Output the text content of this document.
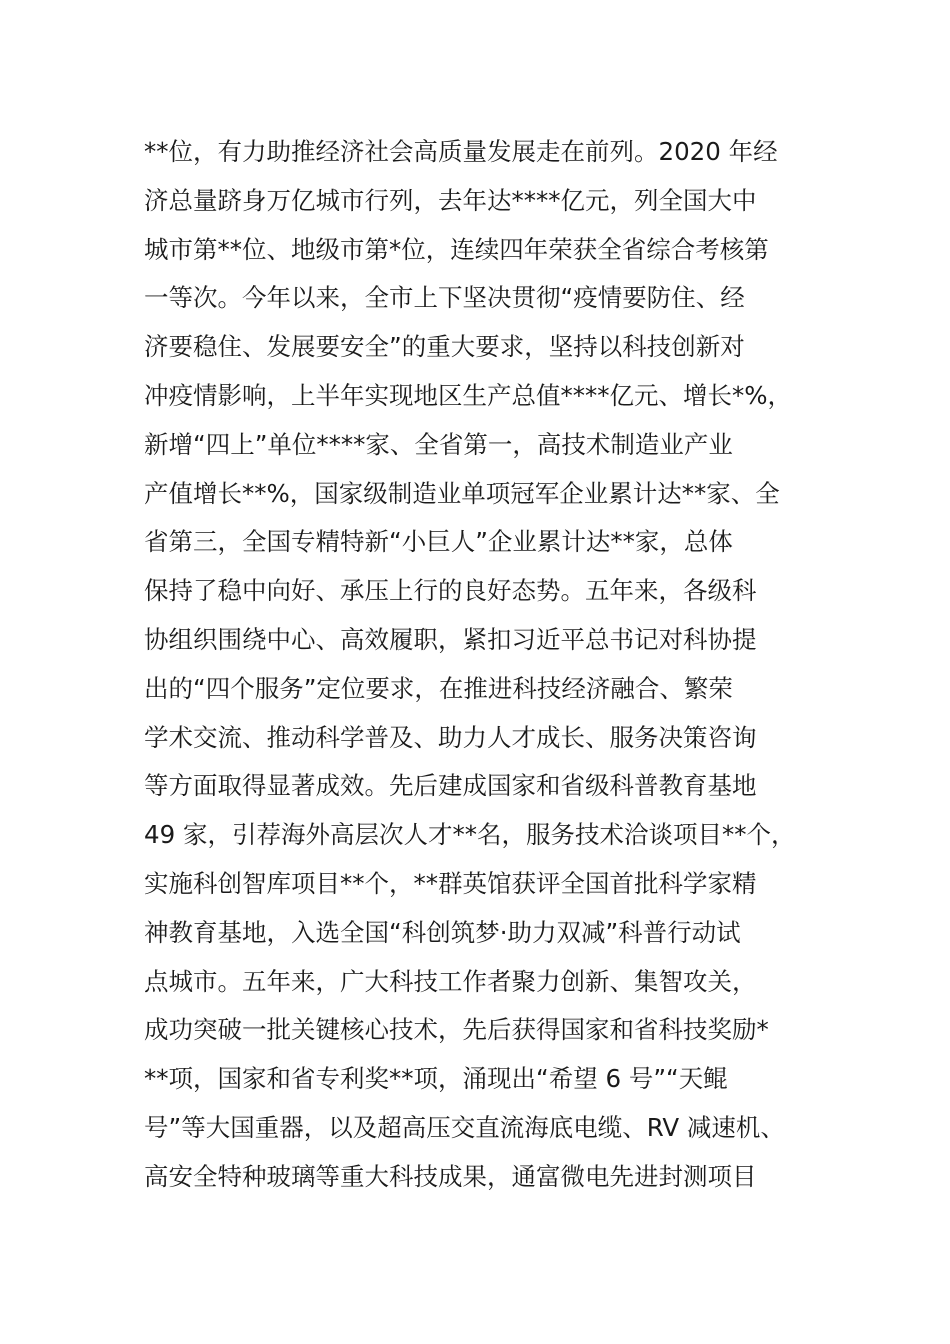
**位，有力助推经济社会高质量发展走在前列。2020 年经
济总量跻身万亿城市行列，去年达****亿元，列全国大中
城市第**位、地级市第*位，连续四年荣获全省综合考核第
一等次。今年以来，全市上下坚决贯彻“疫情要防住、经
济要稳住、发展要安全”的重大要求，坚持以科技创新对
冲疫情影响，上半年实现地区生产总值****亿元、增长*%，
新增“四上”单位****家、全省第一，高技术制造业产业
产值增长**%，国家级制造业单项冠军企业累计达**家、全
省第三，全国专精特新“小巨人”企业累计达**家，总体
保持了稳中向好、承压上行的良好态势。五年来，各级科
协组织围绕中心、高效履职，紧扣习近平总书记对科协提
出的“四个服务”定位要求，在推进科技经济融合、繁荣
学术交流、推动科学普及、助力人才成长、服务决策咨询
等方面取得显著成效。先后建成国家和省级科普教育基地
49 家，引荐海外高层次人才**名，服务技术洽谈项目**个，
实施科创智库项目**个，**群英馆获评全国首批科学家精
神教育基地，入选全国“科创筑梦·助力双减”科普行动试
点城市。五年来，广大科技工作者聚力创新、集智攻关，
成功突破一批关键核心技术，先后获得国家和省科技奖励*
**项，国家和省专利奖**项，涌现出“希望 6 号”“天鲲
号”等大国重器，以及超高压交直流海底电缆、RV 减速机、
高安全特种玻璃等重大科技成果，通富微电先进封测项目
